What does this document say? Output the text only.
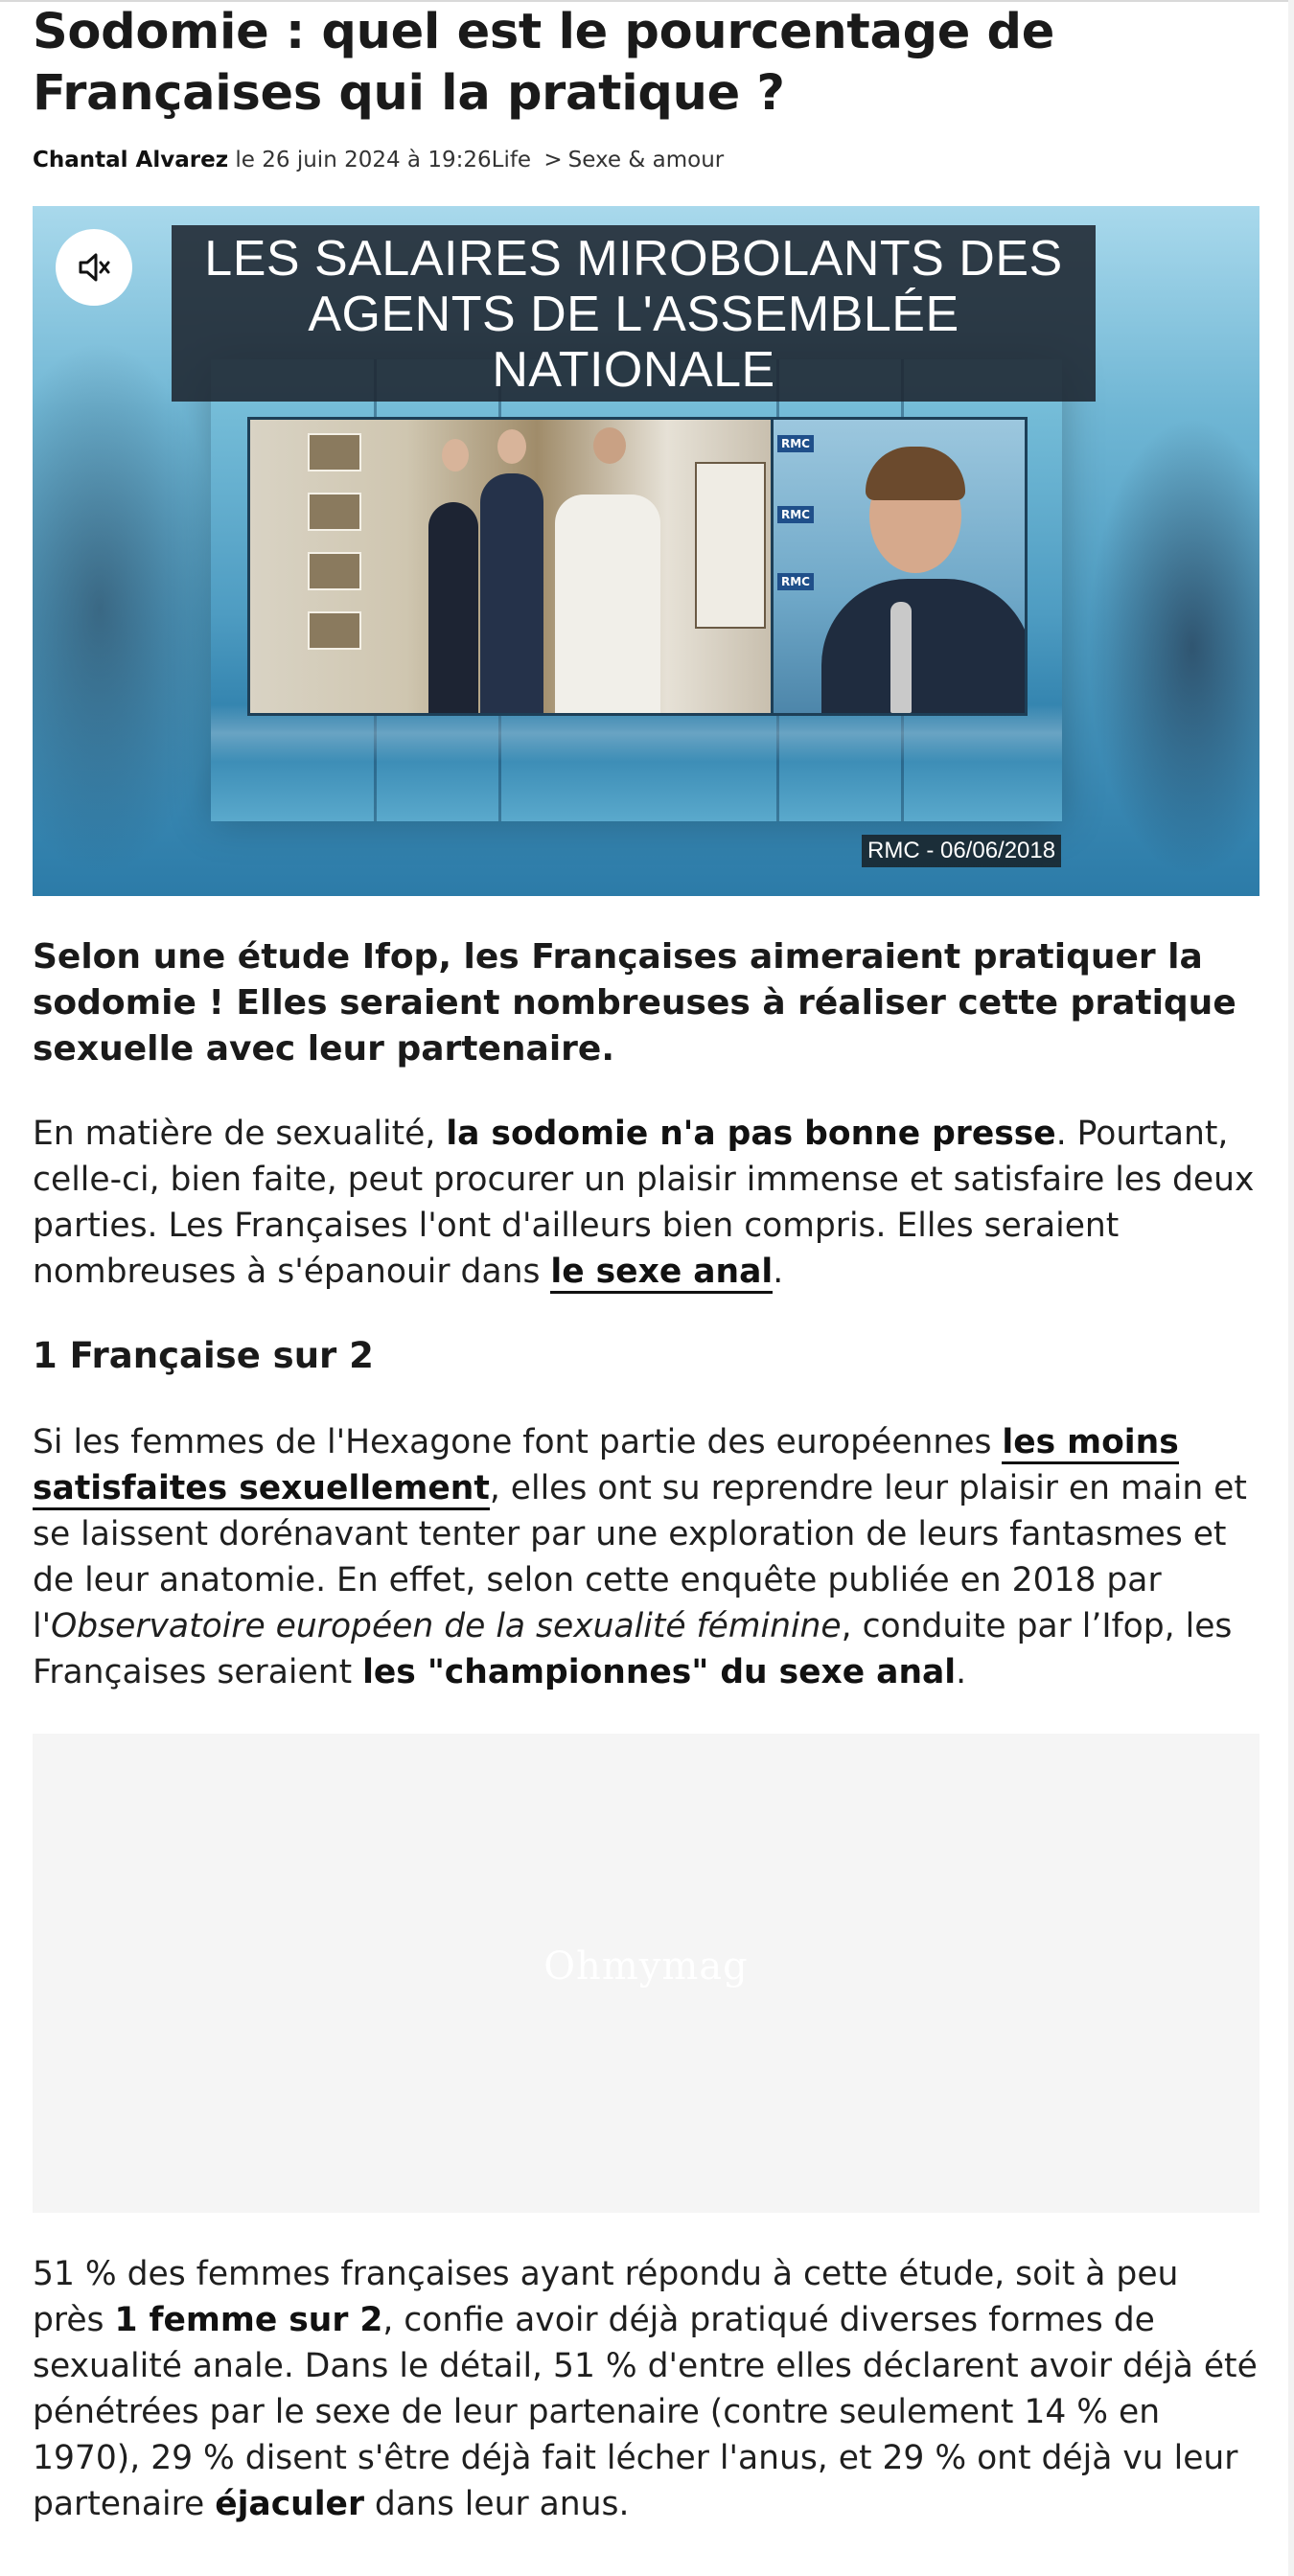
Sodomie : quel est le pourcentage de Françaises qui la pratique ?
Chantal Alvarez le 26 juin 2024 à 19:26Life > Sexe & amour
RMC
RMC
RMC
LES SALAIRES MIROBOLANTS DES
AGENTS DE L'ASSEMBLÉE NATIONALE
RMC - 06/06/2018

Selon une étude Ifop, les Françaises aimeraient pratiquer la sodomie ! Elles seraient nombreuses à réaliser cette pratique sexuelle avec leur partenaire.

En matière de sexualité, la sodomie n'a pas bonne presse. Pourtant, celle-ci, bien faite, peut procurer un plaisir immense et satisfaire les deux parties. Les Françaises l'ont d'ailleurs bien compris. Elles seraient nombreuses à s'épanouir dans le sexe anal.

1 Française sur 2

Si les femmes de l'Hexagone font partie des européennes les moins satisfaites sexuellement, elles ont su reprendre leur plaisir en main et se laissent dorénavant tenter par une exploration de leurs fantasmes et de leur anatomie. En effet, selon cette enquête publiée en 2018 par l'Observatoire européen de la sexualité féminine, conduite par l’Ifop, les Françaises seraient les "championnes" du sexe anal.

Ohmymag

51 % des femmes françaises ayant répondu à cette étude, soit à peu près 1 femme sur 2, confie avoir déjà pratiqué diverses formes de sexualité anale. Dans le détail, 51 % d'entre elles déclarent avoir déjà été pénétrées par le sexe de leur partenaire (contre seulement 14 % en 1970), 29 % disent s'être déjà fait lécher l'anus, et 29 % ont déjà vu leur partenaire éjaculer dans leur anus.
